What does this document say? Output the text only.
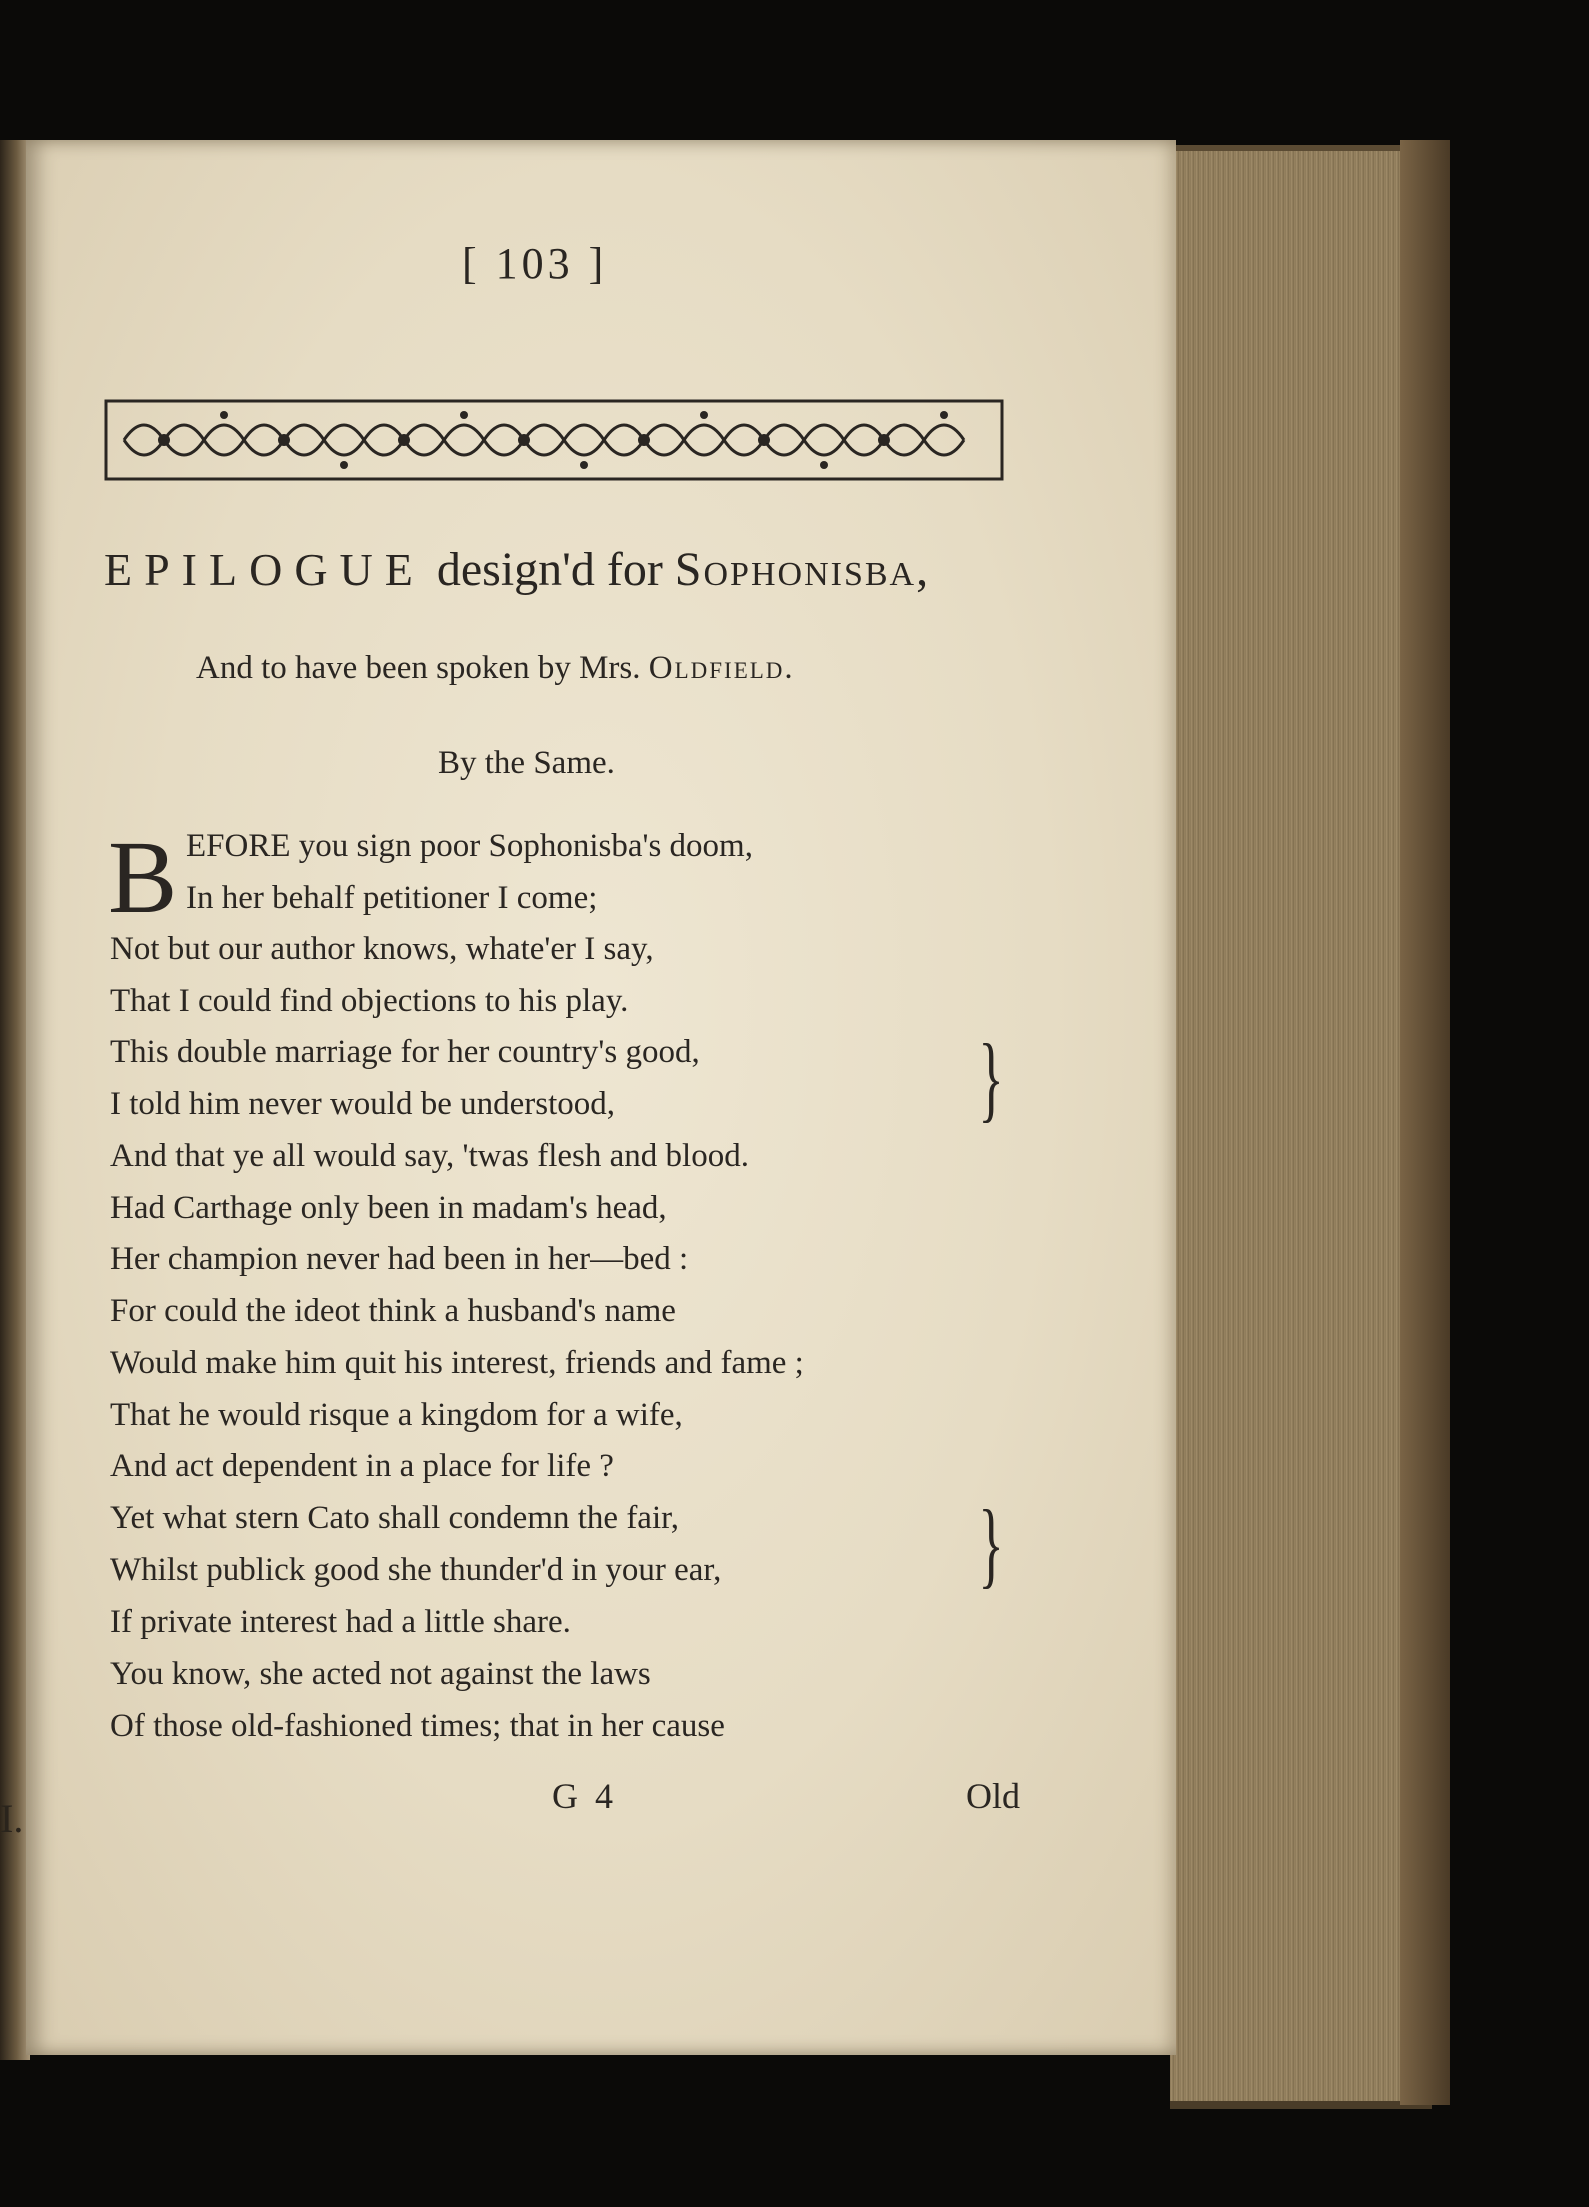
I.
[ 103 ]
EPILOGUE design'd for Sophonisba,
And to have been spoken by Mrs. Oldfield.
By the Same.
B EFORE you sign poor Sophonisba's doom,
In her behalf petitioner I come;
Not but our author knows, whate'er I say,
That I could find objections to his play.
This double marriage for her country's good,
I told him never would be understood,
And that ye all would say, 'twas flesh and blood.
Had Carthage only been in madam's head,
Her champion never had been in her—bed :
For could the ideot think a husband's name
Would make him quit his interest, friends and fame ;
That he would risque a kingdom for a wife,
And act dependent in a place for life ?
Yet what stern Cato shall condemn the fair,
Whilst publick good she thunder'd in your ear,
If private interest had a little share.
You know, she acted not against the laws
Of those old-fashioned times; that in her cause
}
}
G 4	Old
